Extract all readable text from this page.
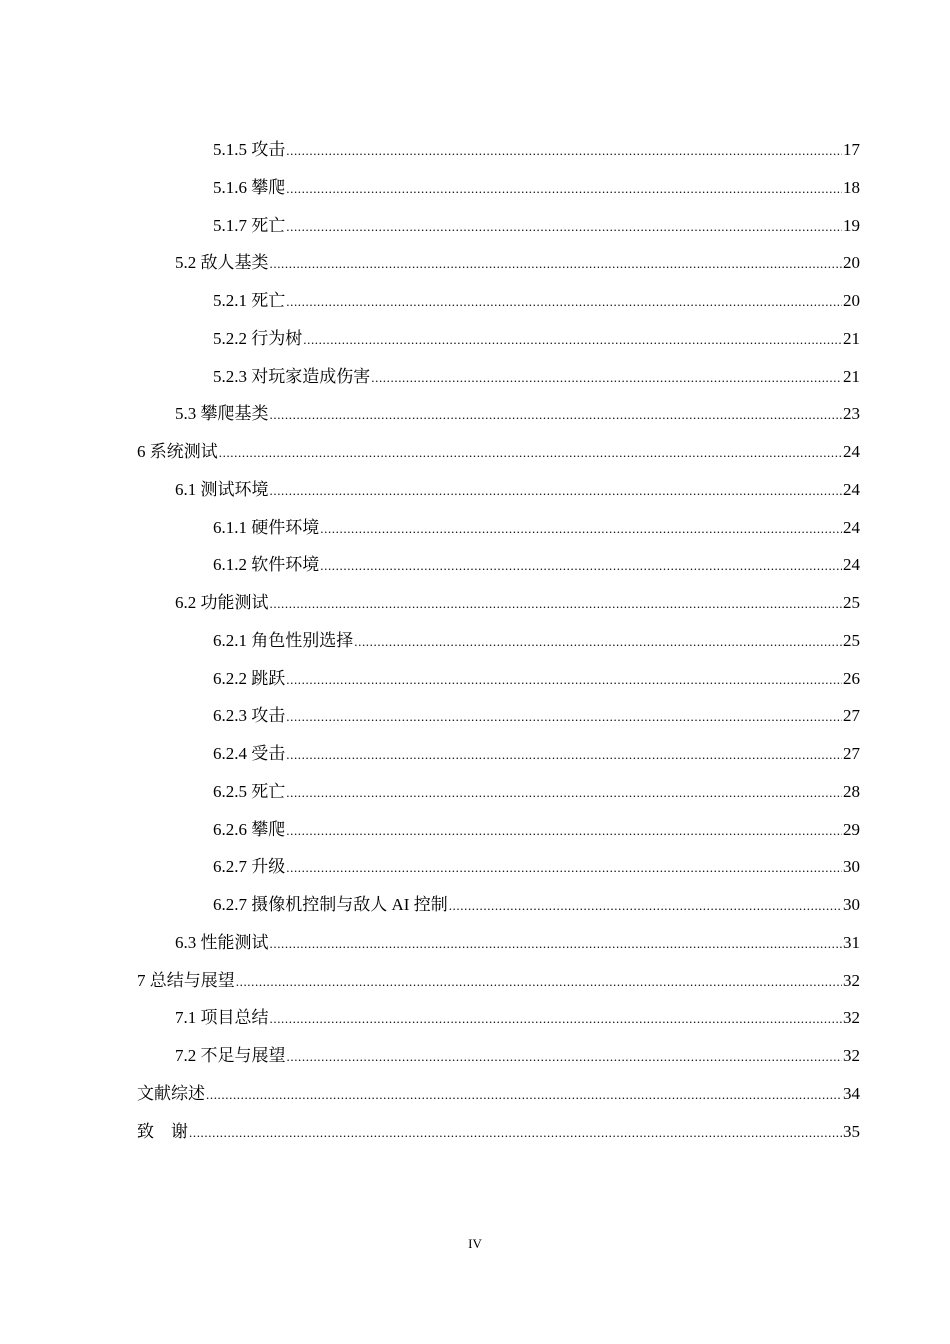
5.1.5 攻击 .....	17
5.1.6 攀爬 .....	18
5.1.7 死亡 .....	19
5.2 敌人基类 .....	20
5.2.1 死亡 .....	20
5.2.2 行为树 .....	21
5.2.3 对玩家造成伤害 .....	21
5.3 攀爬基类 .....	23
6 系统测试 .....	24
6.1 测试环境 .....	24
6.1.1 硬件环境 .....	24
6.1.2 软件环境 .....	24
6.2 功能测试 .....	25
6.2.1 角色性别选择 .....	25
6.2.2 跳跃 .....	26
6.2.3 攻击 .....	27
6.2.4 受击 .....	27
6.2.5 死亡 .....	28
6.2.6 攀爬 .....	29
6.2.7 升级 .....	30
6.2.7 摄像机控制与敌人 AI 控制 .....	30
6.3 性能测试 .....	31
7 总结与展望 .....	32
7.1 项目总结 .....	32
7.2 不足与展望 .....	32
文献综述 .....	34
致　谢 .....	35
IV
